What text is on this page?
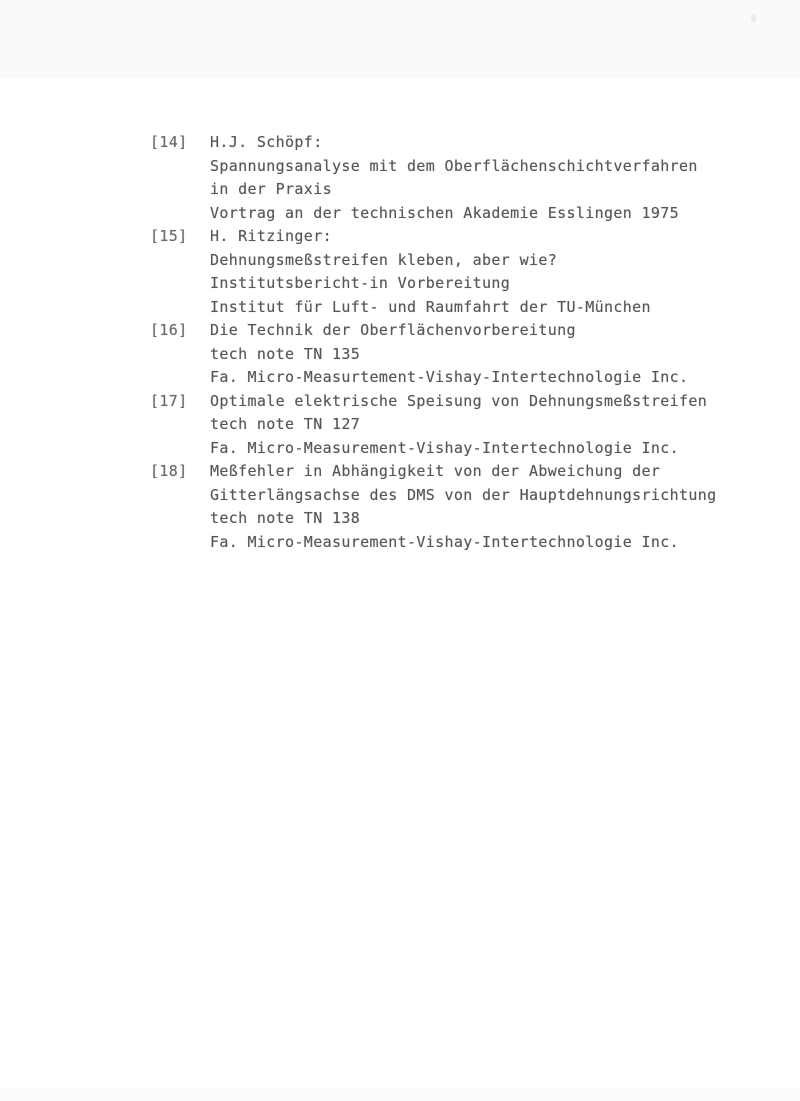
[14]	H.J. Schöpf:
Spannungsanalyse mit dem Oberflächenschichtverfahren
in der Praxis
Vortrag an der technischen Akademie Esslingen 1975
[15]	H. Ritzinger:
Dehnungsmeßstreifen kleben, aber wie?
Institutsbericht-in Vorbereitung
Institut für Luft- und Raumfahrt der TU-München
[16]	Die Technik der Oberflächenvorbereitung
tech note TN 135
Fa. Micro-Measurtement-Vishay-Intertechnologie Inc.
[17]	Optimale elektrische Speisung von Dehnungsmeßstreifen
tech note TN 127
Fa. Micro-Measurement-Vishay-Intertechnologie Inc.
[18]	Meßfehler in Abhängigkeit von der Abweichung der
Gitterlängsachse des DMS von der Hauptdehnungsrichtung
tech note TN 138
Fa. Micro-Measurement-Vishay-Intertechnologie Inc.
